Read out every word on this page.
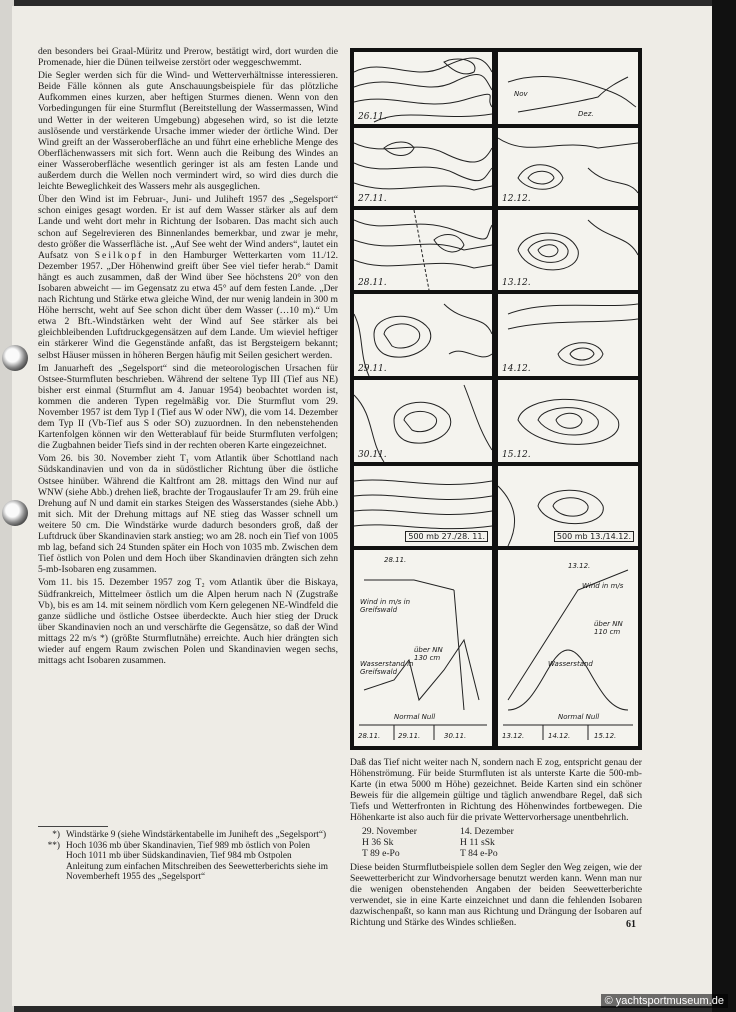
den besonders bei Graal-Müritz und Prerow, bestätigt wird, dort wurden die Promenade, hier die Dünen teilweise zerstört oder weggeschwemmt.

Die Segler werden sich für die Wind- und Wetterverhältnisse interessieren. Beide Fälle können als gute Anschauungsbeispiele für das plötzliche Aufkommen eines kurzen, aber heftigen Sturmes dienen. Wenn von den Vorbedingungen für eine Sturmflut (Bereitstellung der Wassermassen, Wind und Wetter in der weiteren Umgebung) abgesehen wird, so ist die letzte auslösende und verstärkende Ursache immer wieder der örtliche Wind. Der Wind greift an der Wasseroberfläche an und führt eine erhebliche Menge des Oberflächenwassers mit sich fort. Wenn auch die Reibung des Windes an einer Wasseroberfläche wesentlich geringer ist als am festen Lande und außerdem durch die Wellen noch vermindert wird, so wird dies durch die leichte Beweglichkeit des Wassers mehr als ausgeglichen.

Über den Wind ist im Februar-, Juni- und Juliheft 1957 des „Segelsport“ schon einiges gesagt worden. Er ist auf dem Wasser stärker als auf dem Lande und weht dort mehr in Richtung der Isobaren. Das macht sich auch schon auf Segelrevieren des Binnenlandes bemerkbar, und zwar je mehr, desto größer die Wasserfläche ist. „Auf See weht der Wind anders“, lautet ein Aufsatz von Seilkopf in den Hamburger Wetterkarten vom 11./12. Dezember 1957. „Der Höhenwind greift über See viel tiefer herab.“ Damit hängt es auch zusammen, daß der Wind über See höchstens 20° von den Isobaren abweicht — im Gegensatz zu etwa 45° auf dem festen Lande. „Der nach Richtung und Stärke etwa gleiche Wind, der nur wenig landein in 300 m Höhe herrscht, weht auf See schon dicht über dem Wasser (…10 m).“ Um etwa 2 Bft.-Windstärken weht der Wind auf See stärker als bei gleichbleibenden Luftdruckgegensätzen auf dem Lande. Um wieviel heftiger ein stärkerer Wind die Gegenstände anfaßt, das ist Bergsteigern bekannt; selbst Häuser müssen in höheren Bergen häufig mit Seilen gesichert werden.

Im Januarheft des „Segelsport“ sind die meteorologischen Ursachen für Ostsee-Sturmfluten beschrieben. Während der seltene Typ III (Tief aus NE) bisher erst einmal (Sturmflut am 4. Januar 1954) beobachtet worden ist, kommen die anderen Typen regelmäßig vor. Die Sturmflut vom 29. November 1957 ist dem Typ I (Tief aus W oder NW), die vom 14. Dezember dem Typ II (Vb-Tief aus S oder SO) zuzuordnen. In den nebenstehenden Kartenfolgen können wir den Wetterablauf für beide Sturmfluten verfolgen; die Zugbahnen beider Tiefs sind in der rechten oberen Karte eingezeichnet.

Vom 26. bis 30. November zieht T₁ vom Atlantik über Schottland nach Südskandinavien und von da in südöstlicher Richtung über die östliche Ostsee hinüber. Während die Kaltfront am 28. mittags den Wind nur auf WNW (siehe Abb.) drehen ließ, brachte der Trogauslaufer Tr am 29. früh eine Drehung auf N und damit ein starkes Steigen des Wasserstandes (siehe Abb.) mit sich. Mit der Drehung mittags auf NE stieg das Wasser schnell um weitere 50 cm. Die Windstärke wurde dadurch besonders groß, daß der Luftdruck über Skandinavien stark anstieg; wo am 28. noch ein Tief von 1005 mb lag, befand sich 24 Stunden später ein Hoch von 1035 mb. Zwischen dem Tief östlich von Polen und dem Hoch über Skandinavien drängten sich zehn 5-mb-Isobaren eng zusammen.

Vom 11. bis 15. Dezember 1957 zog T₂ vom Atlantik über die Biskaya, Südfrankreich, Mittelmeer östlich um die Alpen herum nach N (Zugstraße Vb), bis es am 14. mit seinem nördlich vom Kern gelegenen NE-Windfeld die ganze südliche und östliche Ostsee überdeckte. Auch hier stieg der Druck über Skandinavien noch an und verschärfte die Gegensätze, so daß der Wind mittags 22 m/s *) (größte Sturmflutnähe) erreichte. Auch hier drängten sich wieder auf engem Raum zwischen Polen und Skandinavien wegen sechs, mittags acht Isobaren zusammen.

*) Windstärke 9 (siehe Windstärkentabelle im Juniheft des „Segelsport“)
**) Hoch 1036 mb über Skandinavien, Tief 989 mb östlich von Polen
Hoch 1011 mb über Südskandinavien, Tief 984 mb Ostpolen
Anleitung zum einfachen Mitschreiben des Seewetterberichts siehe im Novemberheft 1955 des „Segelsport“
26.11.
27.11.
28.11.
29.11.
30.11.
500 mb 27./28. 11.
Nov
Dez.
12.12.
13.12.
14.12.
15.12.
500 mb 13./14.12.
28.11.
Wind in m/s in Greifswald
Wasserstand in Greifswald
über NN 130 cm
Normal Null
28.11.	29.11.	30.11.
13.12.
Wind in m/s
Wasserstand
über NN 110 cm
Normal Null
13.12.	14.12.	15.12.

Daß das Tief nicht weiter nach N, sondern nach E zog, entspricht genau der Höhenströmung. Für beide Sturmfluten ist als unterste Karte die 500-mb-Karte (in etwa 5000 m Höhe) gezeichnet. Beide Karten sind ein schöner Beweis für die allgemein gültige und täglich anwendbare Regel, daß sich Tiefs und Wetterfronten in Richtung des Höhenwindes fortbewegen. Die Höhenkarte ist also auch für die private Wettervorhersage unentbehrlich.

29. November	14. Dezember
H 36 Sk	H 11 sSk
T 89 e-Po	T 84 e-Po

Diese beiden Sturmflutbeispiele sollen dem Segler den Weg zeigen, wie der Seewetterbericht zur Windvorhersage benutzt werden kann. Wenn man nur die wenigen obenstehenden Angaben der beiden Seewetterberichte verwendet, sie in eine Karte einzeichnet und dann die fehlenden Isobaren dazwischenpaßt, so kann man aus Richtung und Drängung der Isobaren auf Richtung und Stärke des Windes schließen.	61
© yachtsportmuseum.de
